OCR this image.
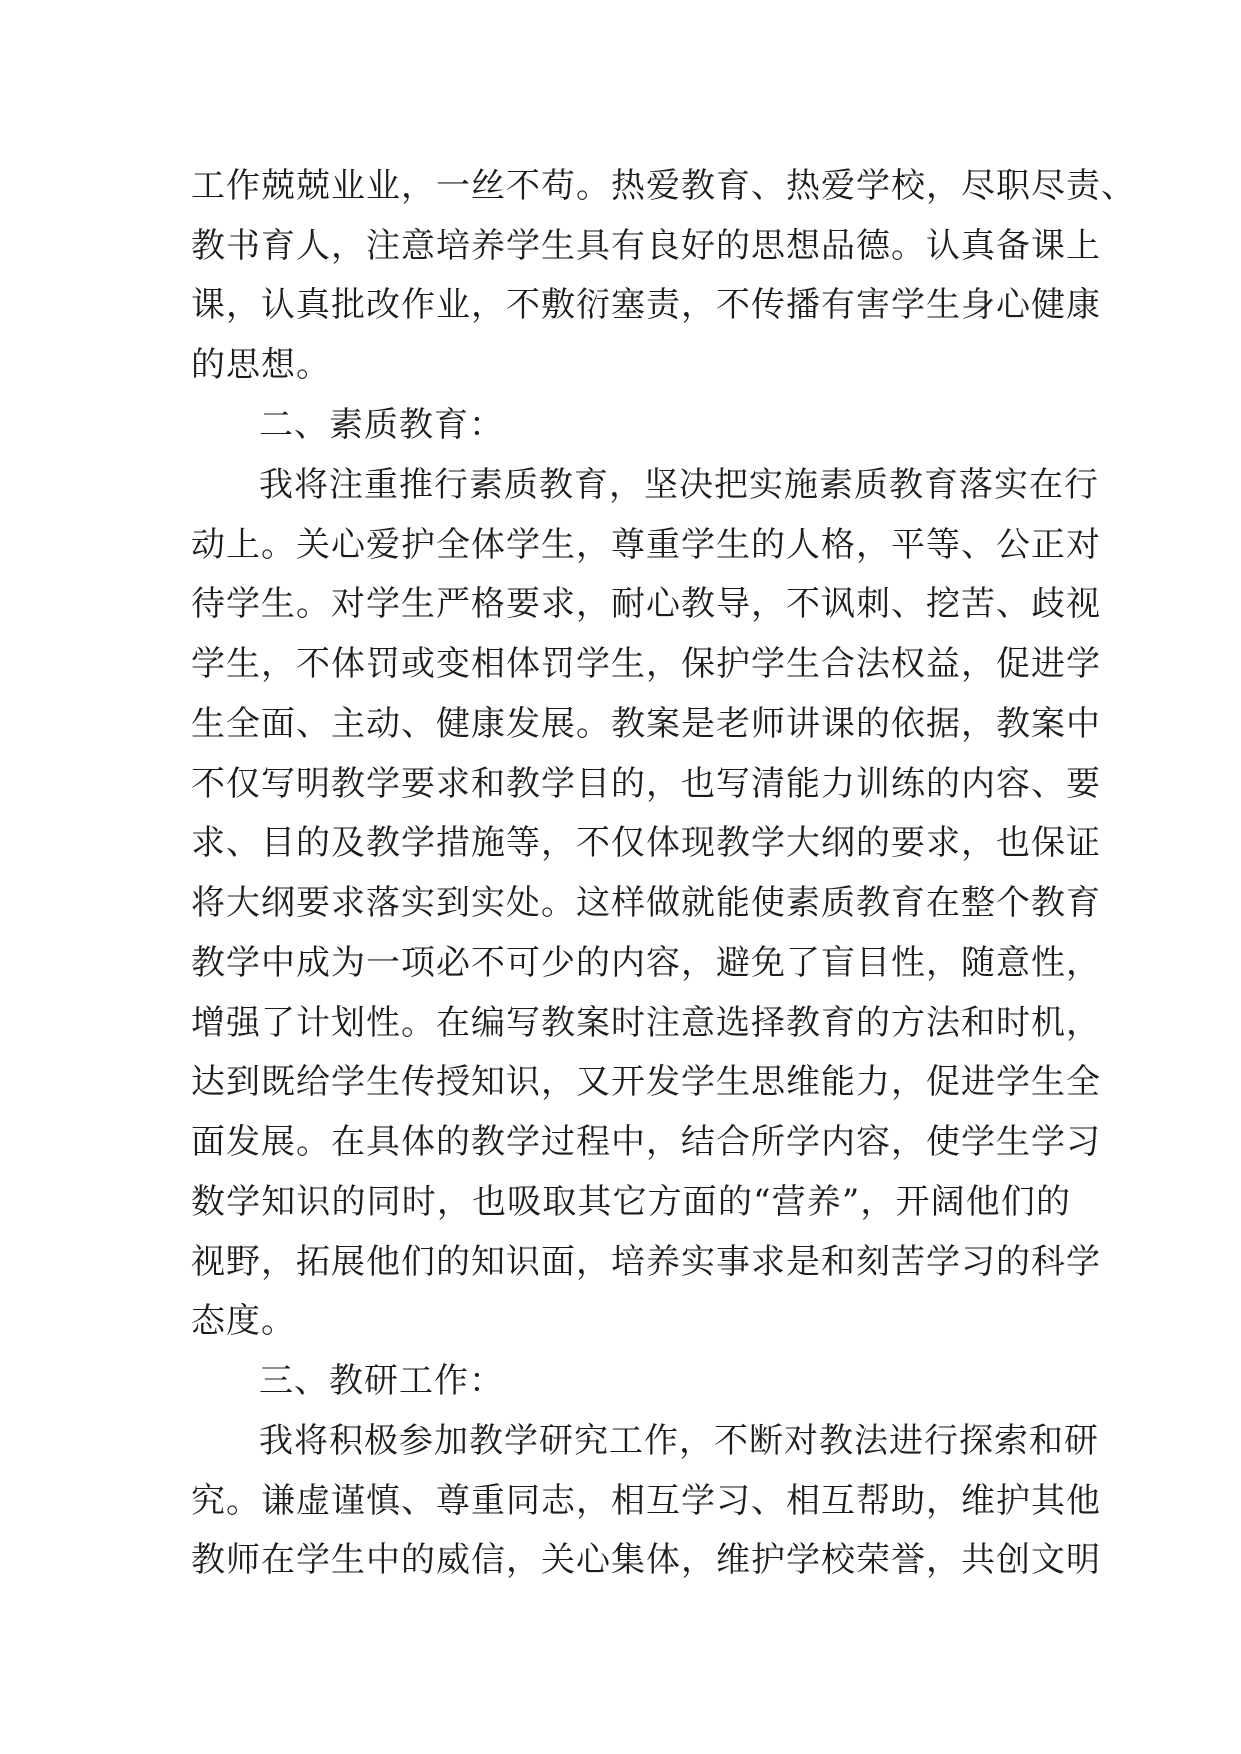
工作兢兢业业，一丝不苟。热爱教育、热爱学校，尽职尽责、
教书育人，注意培养学生具有良好的思想品德。认真备课上
课，认真批改作业，不敷衍塞责，不传播有害学生身心健康
的思想。
二、素质教育：
我将注重推行素质教育，坚决把实施素质教育落实在行
动上。关心爱护全体学生，尊重学生的人格，平等、公正对
待学生。对学生严格要求，耐心教导，不讽刺、挖苦、歧视
学生，不体罚或变相体罚学生，保护学生合法权益，促进学
生全面、主动、健康发展。教案是老师讲课的依据，教案中
不仅写明教学要求和教学目的，也写清能力训练的内容、要
求、目的及教学措施等，不仅体现教学大纲的要求，也保证
将大纲要求落实到实处。这样做就能使素质教育在整个教育
教学中成为一项必不可少的内容，避免了盲目性，随意性，
增强了计划性。在编写教案时注意选择教育的方法和时机，
达到既给学生传授知识，又开发学生思维能力，促进学生全
面发展。在具体的教学过程中，结合所学内容，使学生学习
数学知识的同时，也吸取其它方面的“营养”，开阔他们的
视野，拓展他们的知识面，培养实事求是和刻苦学习的科学
态度。
三、教研工作：
我将积极参加教学研究工作，不断对教法进行探索和研
究。谦虚谨慎、尊重同志，相互学习、相互帮助，维护其他
教师在学生中的威信，关心集体，维护学校荣誉，共创文明
